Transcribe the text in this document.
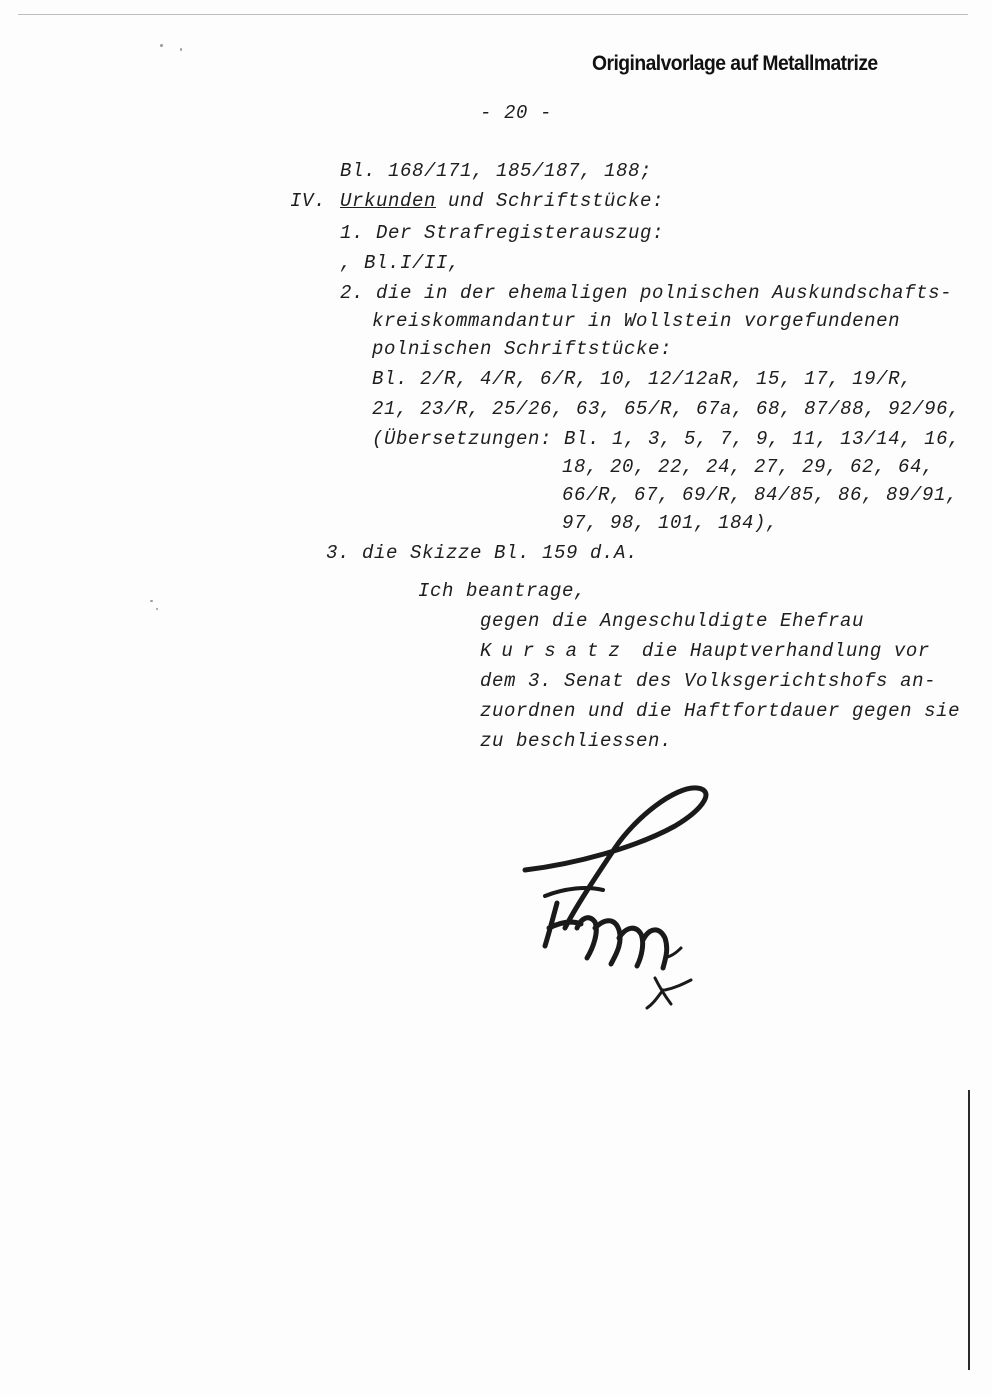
Originalvorlage auf Metallmatrize
- 20 -
Bl. 168/171, 185/187, 188;
IV. Urkunden und Schriftstücke:
1. Der Strafregisterauszug:
, Bl.I/II,
2. die in der ehemaligen polnischen Auskundschafts-
kreiskommandantur in Wollstein vorgefundenen
polnischen Schriftstücke:
Bl. 2/R, 4/R, 6/R, 10, 12/12aR, 15, 17, 19/R,
21, 23/R, 25/26, 63, 65/R, 67a, 68, 87/88, 92/96,
(Übersetzungen: Bl. 1, 3, 5, 7, 9, 11, 13/14, 16,
18, 20, 22, 24, 27, 29, 62, 64,
66/R, 67, 69/R, 84/85, 86, 89/91,
97, 98, 101, 184),
3. die Skizze Bl. 159 d.A.
Ich beantrage,
gegen die Angeschuldigte Ehefrau
Kursatz die Hauptverhandlung vor
dem 3. Senat des Volksgerichtshofs an-
zuordnen und die Haftfortdauer gegen sie
zu beschliessen.
